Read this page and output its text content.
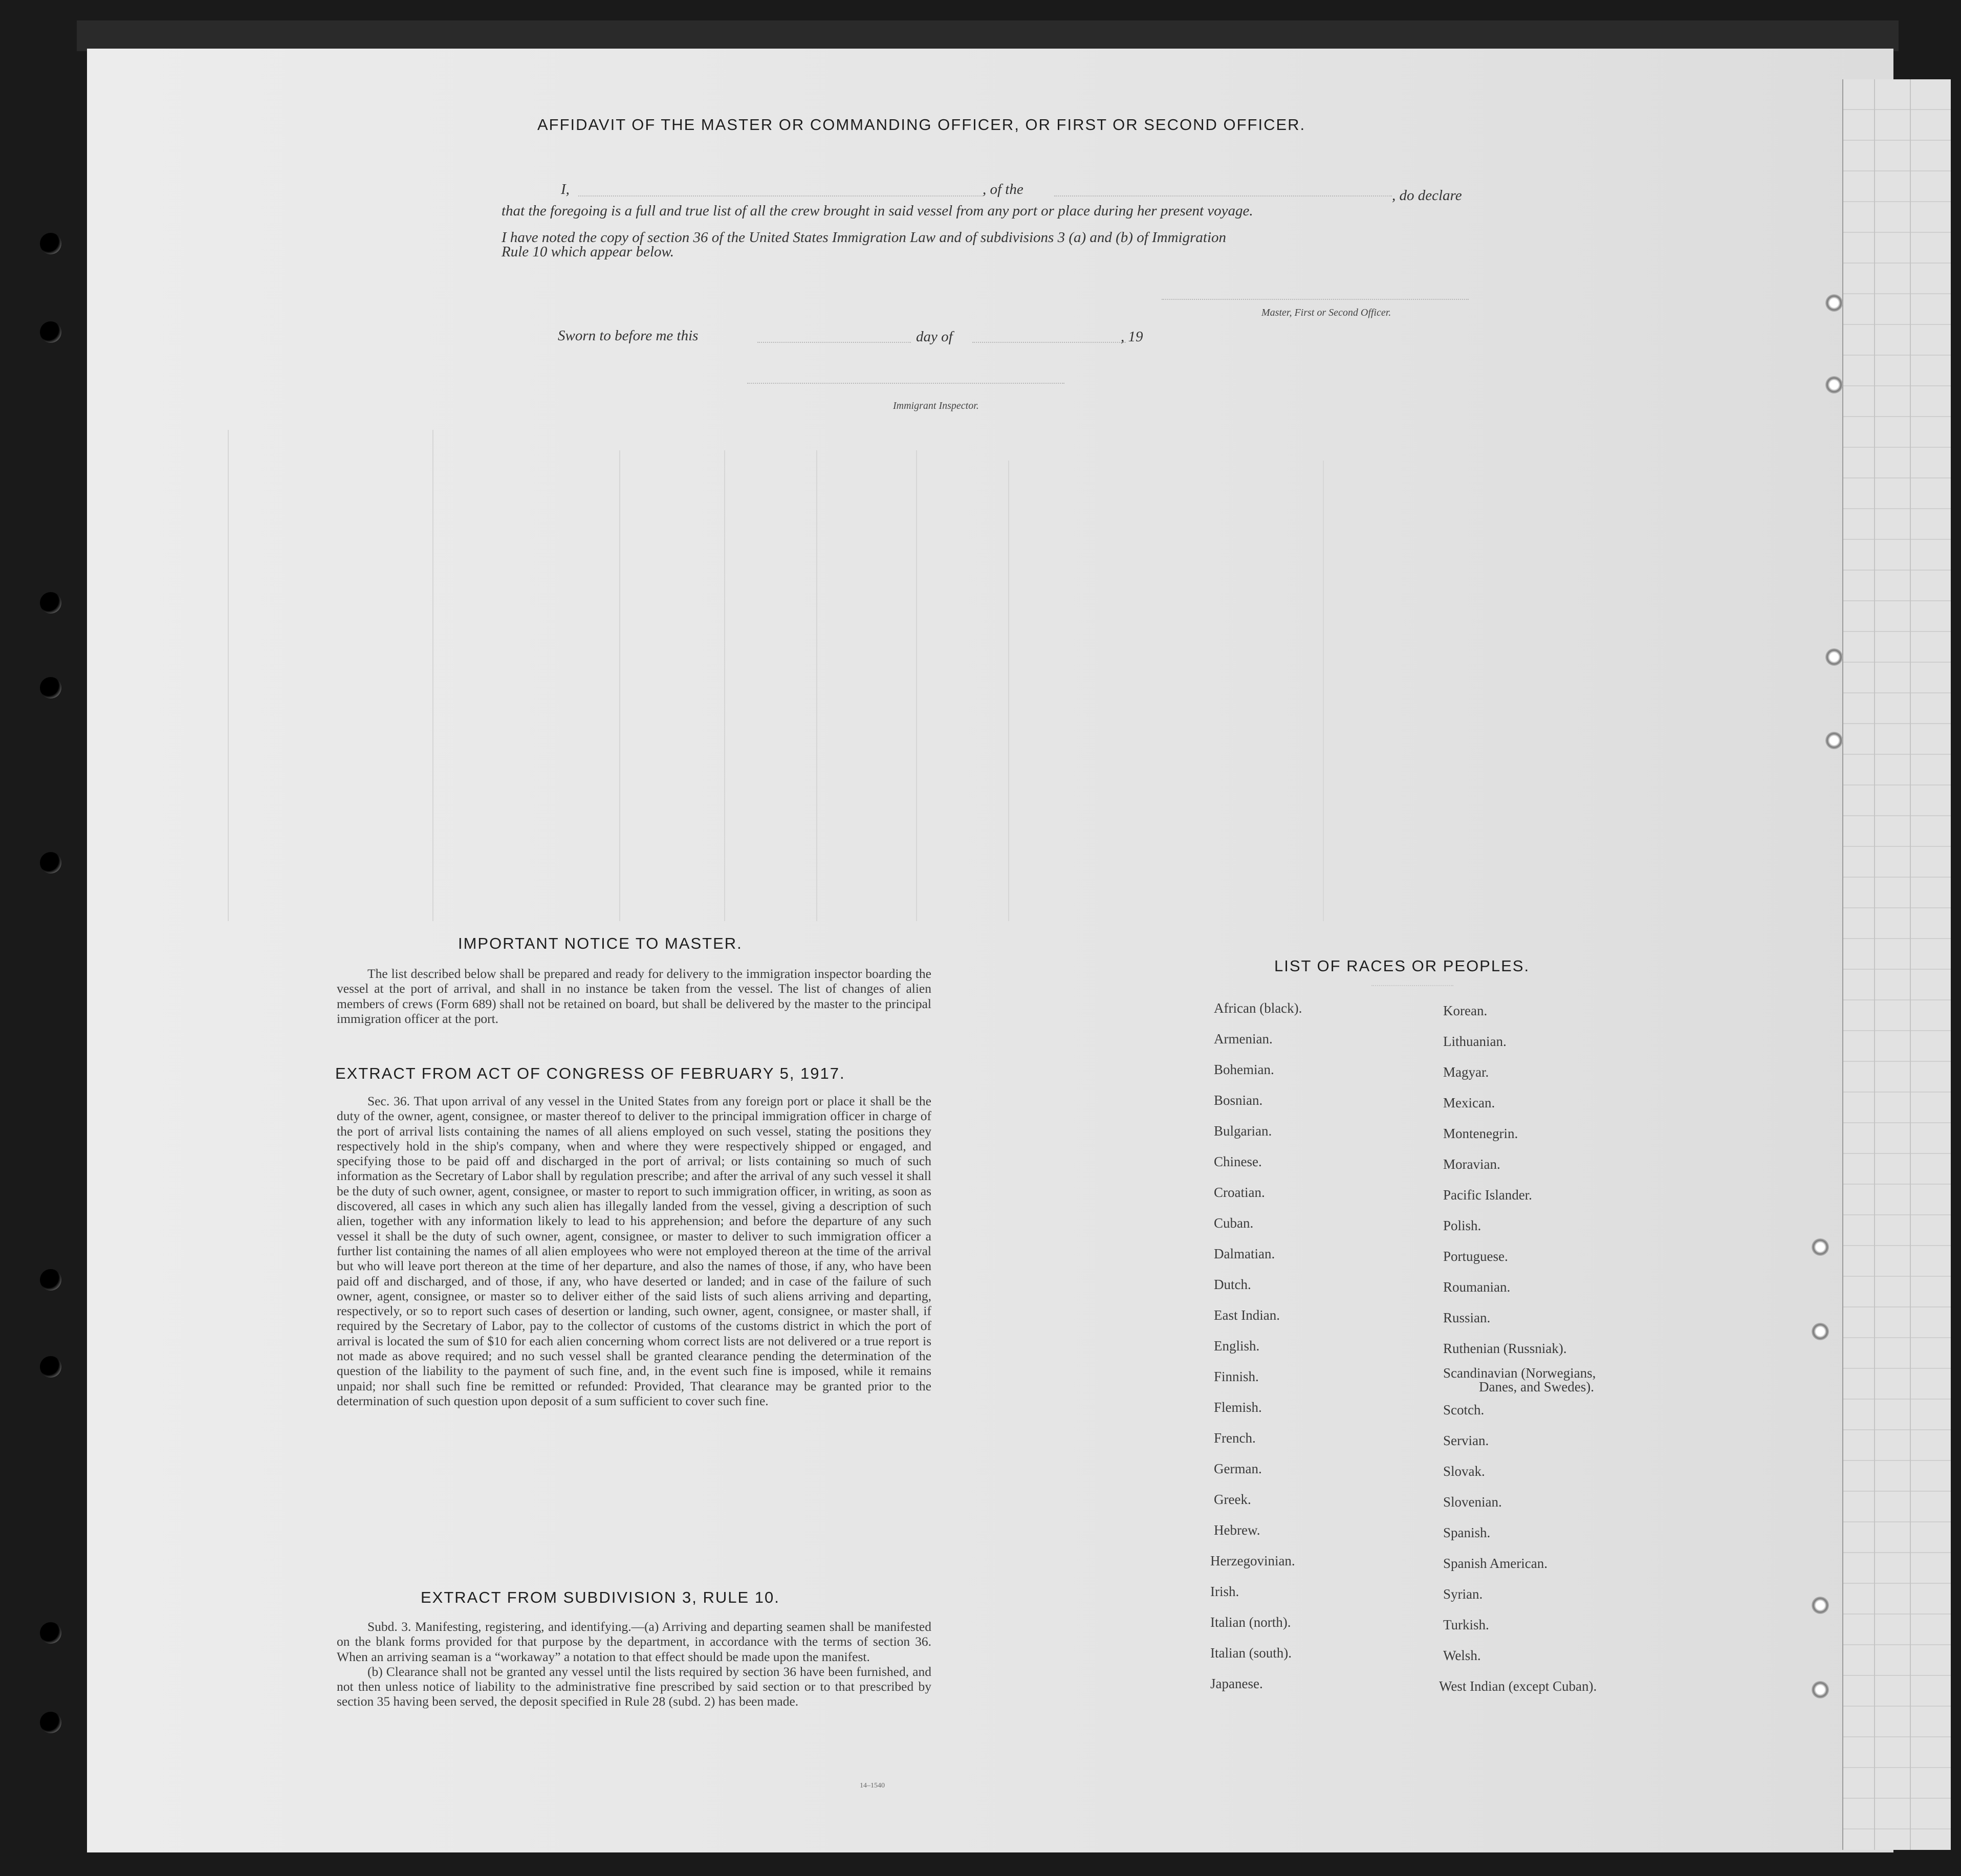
AFFIDAVIT OF THE MASTER OR COMMANDING OFFICER, OR FIRST OR SECOND OFFICER.
I,	, of the	, do declare
that the foregoing is a full and true list of all the crew brought in said vessel from any port or place during her present voyage.
I have noted the copy of section 36 of the United States Immigration Law and of subdivisions 3 (a) and (b) of Immigration
Rule 10 which appear below.
Master, First or Second Officer.
Sworn to before me this	day of	, 19
Immigrant Inspector.
IMPORTANT NOTICE TO MASTER.

The list described below shall be prepared and ready for delivery to the immigration inspector boarding the vessel at the port of arrival, and shall in no instance be taken from the vessel. The list of changes of alien members of crews (Form 689) shall not be retained on board, but shall be delivered by the master to the principal immigration officer at the port.

EXTRACT FROM ACT OF CONGRESS OF FEBRUARY 5, 1917.

Sec. 36. That upon arrival of any vessel in the United States from any foreign port or place it shall be the duty of the owner, agent, consignee, or master thereof to deliver to the principal immigration officer in charge of the port of arrival lists containing the names of all aliens employed on such vessel, stating the positions they respectively hold in the ship's company, when and where they were respectively shipped or engaged, and specifying those to be paid off and discharged in the port of arrival; or lists containing so much of such information as the Secretary of Labor shall by regulation prescribe; and after the arrival of any such vessel it shall be the duty of such owner, agent, consignee, or master to report to such immigration officer, in writing, as soon as discovered, all cases in which any such alien has illegally landed from the vessel, giving a description of such alien, together with any information likely to lead to his apprehension; and before the departure of any such vessel it shall be the duty of such owner, agent, consignee, or master to deliver to such immigration officer a further list containing the names of all alien employees who were not employed thereon at the time of the arrival but who will leave port thereon at the time of her departure, and also the names of those, if any, who have been paid off and discharged, and of those, if any, who have deserted or landed; and in case of the failure of such owner, agent, consignee, or master so to deliver either of the said lists of such aliens arriving and departing, respectively, or so to report such cases of desertion or landing, such owner, agent, consignee, or master shall, if required by the Secretary of Labor, pay to the collector of customs of the customs district in which the port of arrival is located the sum of $10 for each alien concerning whom correct lists are not delivered or a true report is not made as above required; and no such vessel shall be granted clearance pending the determination of the question of the liability to the payment of such fine, and, in the event such fine is imposed, while it remains unpaid; nor shall such fine be remitted or refunded: Provided, That clearance may be granted prior to the determination of such question upon deposit of a sum sufficient to cover such fine.

EXTRACT FROM SUBDIVISION 3, RULE 10.

Subd. 3. Manifesting, registering, and identifying.—(a) Arriving and departing seamen shall be manifested on the blank forms provided for that purpose by the department, in accordance with the terms of section 36. When an arriving seaman is a “workaway” a notation to that effect should be made upon the manifest.

(b) Clearance shall not be granted any vessel until the lists required by section 36 have been furnished, and not then unless notice of liability to the administrative fine prescribed by said section or to that prescribed by section 35 having been served, the deposit specified in Rule 28 (subd. 2) has been made.

14–1540
LIST OF RACES OR PEOPLES.
African (black).
Armenian.
Bohemian.
Bosnian.
Bulgarian.
Chinese.
Croatian.
Cuban.
Dalmatian.
Dutch.
East Indian.
English.
Finnish.
Flemish.
French.
German.
Greek.
Hebrew.
Herzegovinian.
Irish.
Italian (north).
Italian (south).
Japanese.
Korean.
Lithuanian.
Magyar.
Mexican.
Montenegrin.
Moravian.
Pacific Islander.
Polish.
Portuguese.
Roumanian.
Russian.
Ruthenian (Russniak).
Scandinavian (Norwegians,
Danes, and Swedes).
Scotch.
Servian.
Slovak.
Slovenian.
Spanish.
Spanish American.
Syrian.
Turkish.
Welsh.
West Indian (except Cuban).
